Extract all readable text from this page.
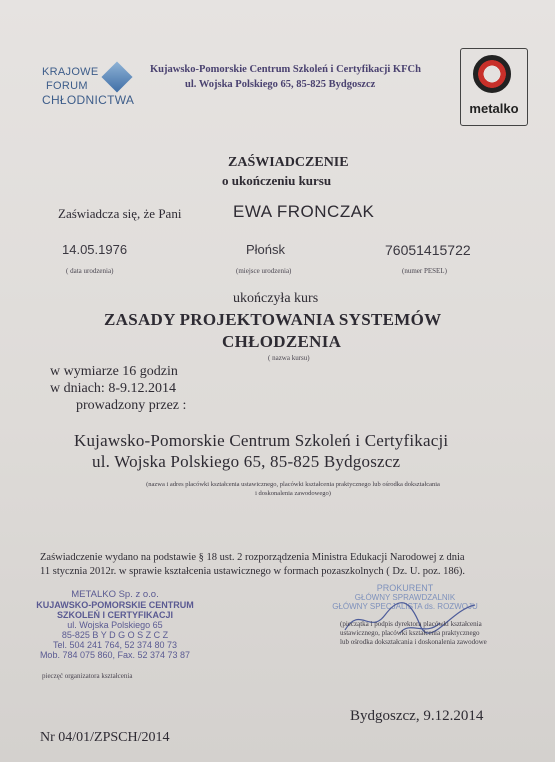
KRAJOWE
FORUM
CHŁODNICTWA
Kujawsko-Pomorskie Centrum Szkoleń i Certyfikacji KFCh
ul. Wojska Polskiego 65, 85-825 Bydgoszcz
metalko
ZAŚWIADCZENIE
o ukończeniu kursu
Zaświadcza się, że Pani	EWA FRONCZAK
14.05.1976
( data urodzenia)
Płońsk
(miejsce urodzenia)
76051415722
(numer PESEL)
ukończyła kurs
ZASADY PROJEKTOWANIA SYSTEMÓW
CHŁODZENIA
( nazwa kursu)
w wymiarze 16 godzin
w dniach: 8-9.12.2014
prowadzony przez :
Kujawsko-Pomorskie Centrum Szkoleń i Certyfikacji
ul. Wojska Polskiego 65, 85-825 Bydgoszcz
(nazwa i adres placówki kształcenia ustawicznego, placówki kształcenia praktycznego lub ośrodka dokształcania
i doskonalenia zawodowego)
Zaświadczenie wydano na podstawie § 18 ust. 2 rozporządzenia Ministra Edukacji Narodowej z dnia
11 stycznia 2012r. w sprawie kształcenia ustawicznego w formach pozaszkolnych ( Dz. U. poz. 186).
METALKO Sp. z o.o.
KUJAWSKO-POMORSKIE CENTRUM
SZKOLEŃ I CERTYFIKACJI
ul. Wojska Polskiego 65
85-825 B Y D G O S Z C Z
Tel. 504 241 764, 52 374 80 73
Mob. 784 075 860, Fax. 52 374 73 87
pieczęć organizatora kształcenia
PROKURENT
GŁÓWNY SPRAWDZALNIK
GŁÓWNY SPECJALISTA ds. ROZWOJU
(pieczątka i podpis dyrektora placówki kształcenia
ustawicznego, placówki kształcenia praktycznego
lub ośrodka dokształcania i doskonalenia zawodowe
Bydgoszcz, 9.12.2014
Nr 04/01/ZPSCH/2014
